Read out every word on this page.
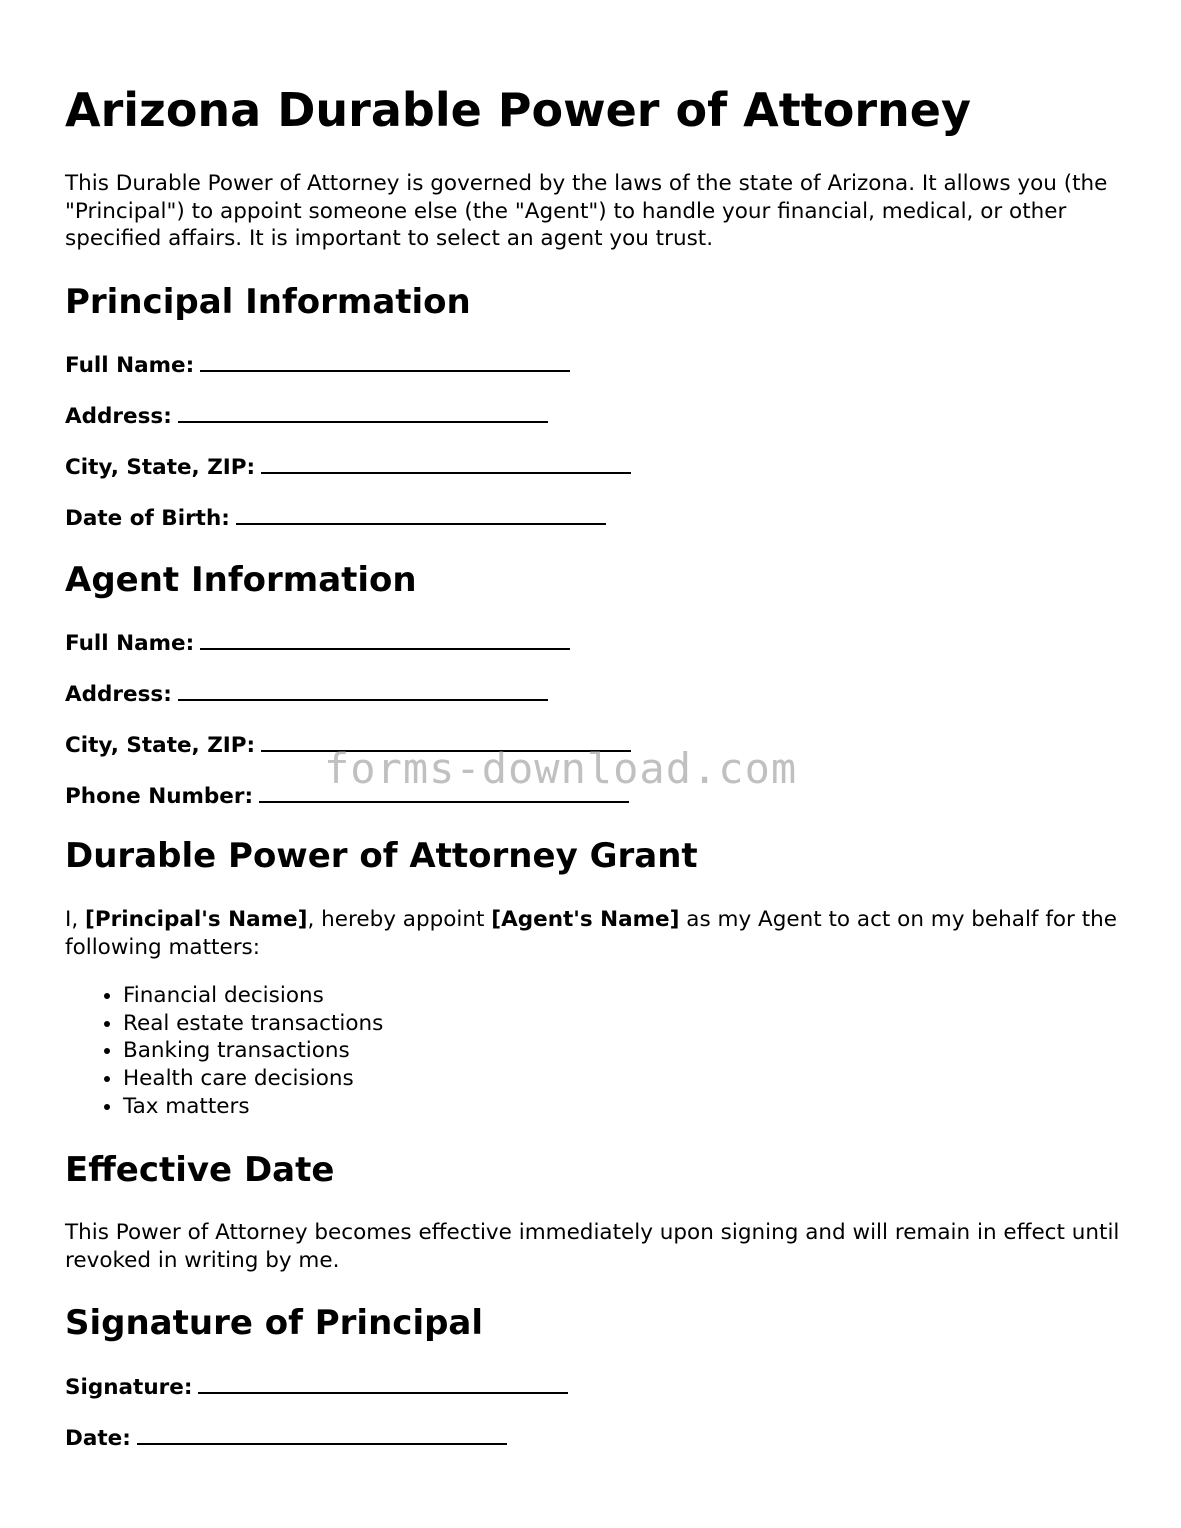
Arizona Durable Power of Attorney

This Durable Power of Attorney is governed by the laws of the state of Arizona. It allows you (the "Principal") to appoint someone else (the "Agent") to handle your financial, medical, or other specified affairs. It is important to select an agent you trust.

Principal Information
Full Name:
Address:
City, State, ZIP:
Date of Birth:
Agent Information
Full Name:
Address:
City, State, ZIP:
Phone Number:
Durable Power of Attorney Grant

I, [Principal's Name], hereby appoint [Agent's Name] as my Agent to act on my behalf for the following matters:

• Financial decisions
• Real estate transactions
• Banking transactions
• Health care decisions
• Tax matters
Effective Date

This Power of Attorney becomes effective immediately upon signing and will remain in effect until revoked in writing by me.

Signature of Principal
Signature:
Date:
forms-download.com
